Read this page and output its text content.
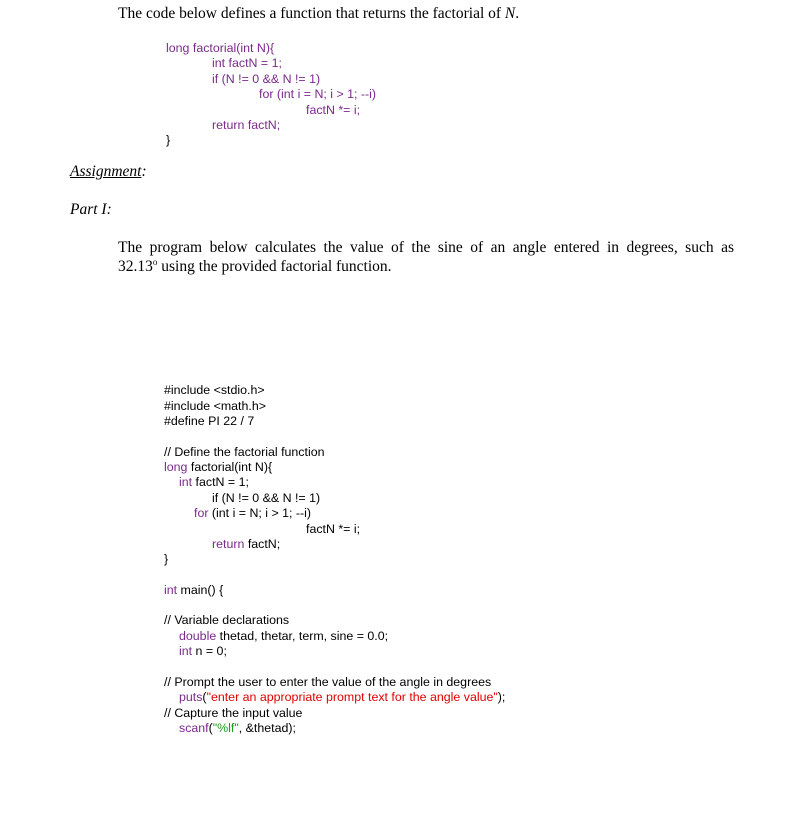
The code below defines a function that returns the factorial of N.
long factorial(int N){
int factN = 1;
if (N != 0 && N != 1)
for (int i = N; i > 1; --i)
factN *= i;
return factN;
}
Assignment:
Part I:
The program below calculates the value of the sine of an angle entered in degrees, such as
32.13$^o$ using the provided factorial function.
#include <stdio.h>
#include <math.h>
#define PI 22 / 7
// Define the factorial function
long factorial(int N){
int factN = 1;
if (N != 0 && N != 1)
for (int i = N; i > 1; --i)
factN *= i;
return factN;
}
int main() {
// Variable declarations
double thetad, thetar, term, sine = 0.0;
int n = 0;
// Prompt the user to enter the value of the angle in degrees
puts("enter an appropriate prompt text for the angle value");
// Capture the input value
scanf("%lf", &thetad);
